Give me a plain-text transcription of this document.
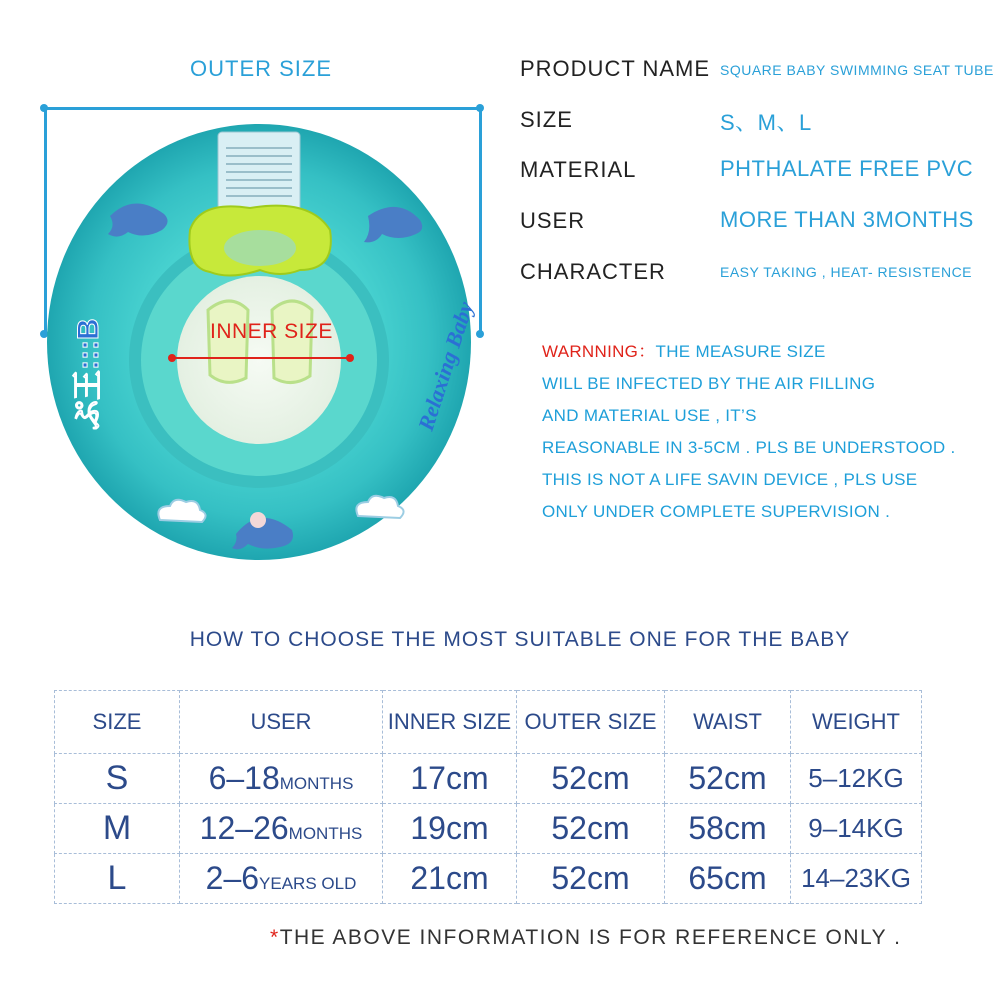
OUTER SIZE
ぷ王:::B	Relaxing Baby
INNER SIZE
PRODUCT NAME SQUARE BABY SWIMMING SEAT TUBE
SIZE	S、M、L
MATERIAL	PHTHALATE FREE PVC
USER	MORE THAN 3MONTHS
CHARACTER	EASY TAKING , HEAT- RESISTENCE
WARNNING：THE MEASURE SIZE
WILL BE INFECTED BY THE AIR FILLING
AND MATERIAL USE , IT’S
REASONABLE IN 3-5CM . PLS BE UNDERSTOOD .
THIS IS NOT A LIFE SAVIN DEVICE , PLS USE
ONLY UNDER COMPLETE SUPERVISION .
HOW TO CHOOSE THE MOST SUITABLE ONE FOR THE BABY
SIZE	USER	INNER SIZE	OUTER SIZE	WAIST	WEIGHT
S	6–18MONTHS	17cm	52cm	52cm	5–12KG
M	12–26MONTHS	19cm	52cm	58cm	9–14KG
L	2–6YEARS OLD	21cm	52cm	65cm	14–23KG
*THE ABOVE INFORMATION IS FOR REFERENCE ONLY .
